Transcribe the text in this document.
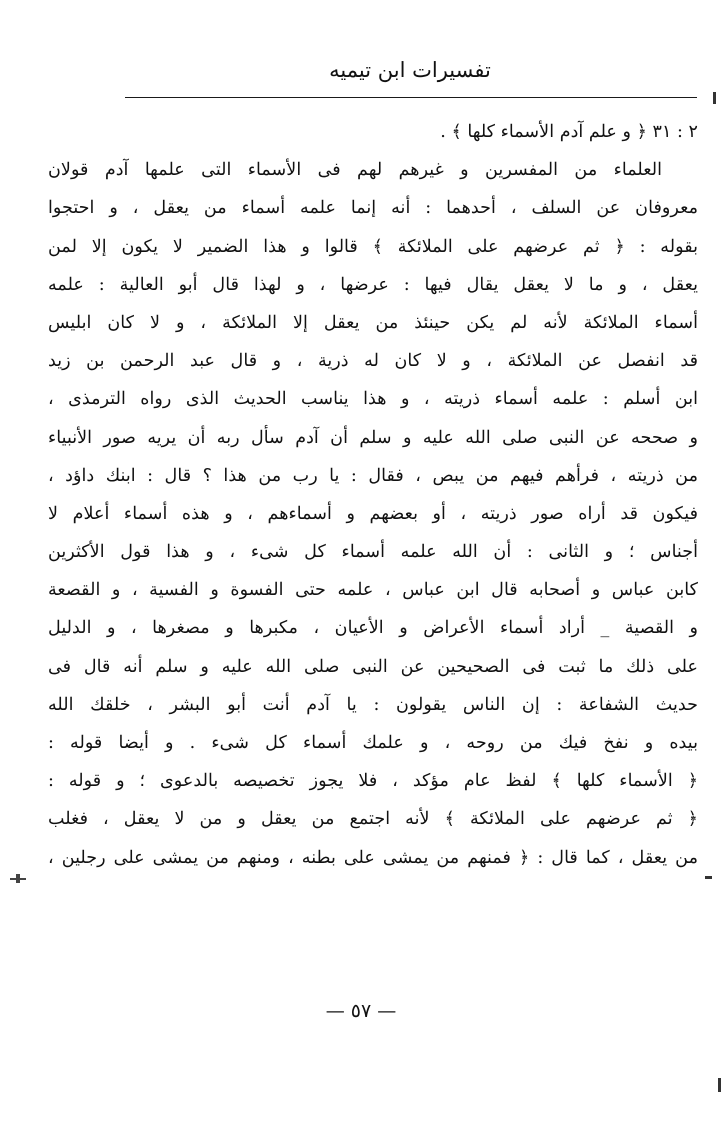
تفسيرات ابن تيميه
٢ : ٣١ ﴿ و علم آدم الأسماء كلها ﴾ .
العلماء من المفسرين و غيرهم لهم فى الأسماء التى علمها آدم قولان
معروفان عن السلف ، أحدهما : أنه إنما علمه أسماء من يعقل ، و احتجوا
بقوله : ﴿ ثم عرضهم على الملائكة ﴾ قالوا و هذا الضمير لا يكون إلا لمن
يعقل ، و ما لا يعقل يقال فيها : عرضها ، و لهذا قال أبو العالية : علمه
أسماء الملائكة لأنه لم يكن حينئذ من يعقل إلا الملائكة ، و لا كان ابليس
قد انفصل عن الملائكة ، و لا كان له ذرية ، و قال عبد الرحمن بن زيد
ابن أسلم : علمه أسماء ذريته ، و هذا يناسب الحديث الذى رواه الترمذى ،
و صححه عن النبى صلى الله عليه و سلم أن آدم سأل ربه أن يريه صور الأنبياء
من ذريته ، فرأهم فيهم من يبص ، فقال : يا رب من هذا ؟ قال : ابنك داؤد ،
فيكون قد أراه صور ذريته ، أو بعضهم و أسماءهم ، و هذه أسماء أعلام لا
أجناس ؛ و الثانى : أن الله علمه أسماء كل شىء ، و هذا قول الأكثرين
كابن عباس و أصحابه قال ابن عباس ، علمه حتى الفسوة و الفسية ، و القصعة
و القصية _ أراد أسماء الأعراض و الأعيان ، مكبرها و مصغرها ، و الدليل
على ذلك ما ثبت فى الصحيحين عن النبى صلى الله عليه و سلم أنه قال فى
حديث الشفاعة : إن الناس يقولون : يا آدم أنت أبو البشر ، خلقك الله
بيده و نفخ فيك من روحه ، و علمك أسماء كل شىء . و أيضا قوله :
﴿ الأسماء كلها ﴾ لفظ عام مؤكد ، فلا يجوز تخصيصه بالدعوى ؛ و قوله :
﴿ ثم عرضهم على الملائكة ﴾ لأنه اجتمع من يعقل و من لا يعقل ، فغلب
من يعقل ، كما قال : ﴿ فمنهم من يمشى على بطنه ، ومنهم من يمشى على رجلين ،
— ٥٧ —
